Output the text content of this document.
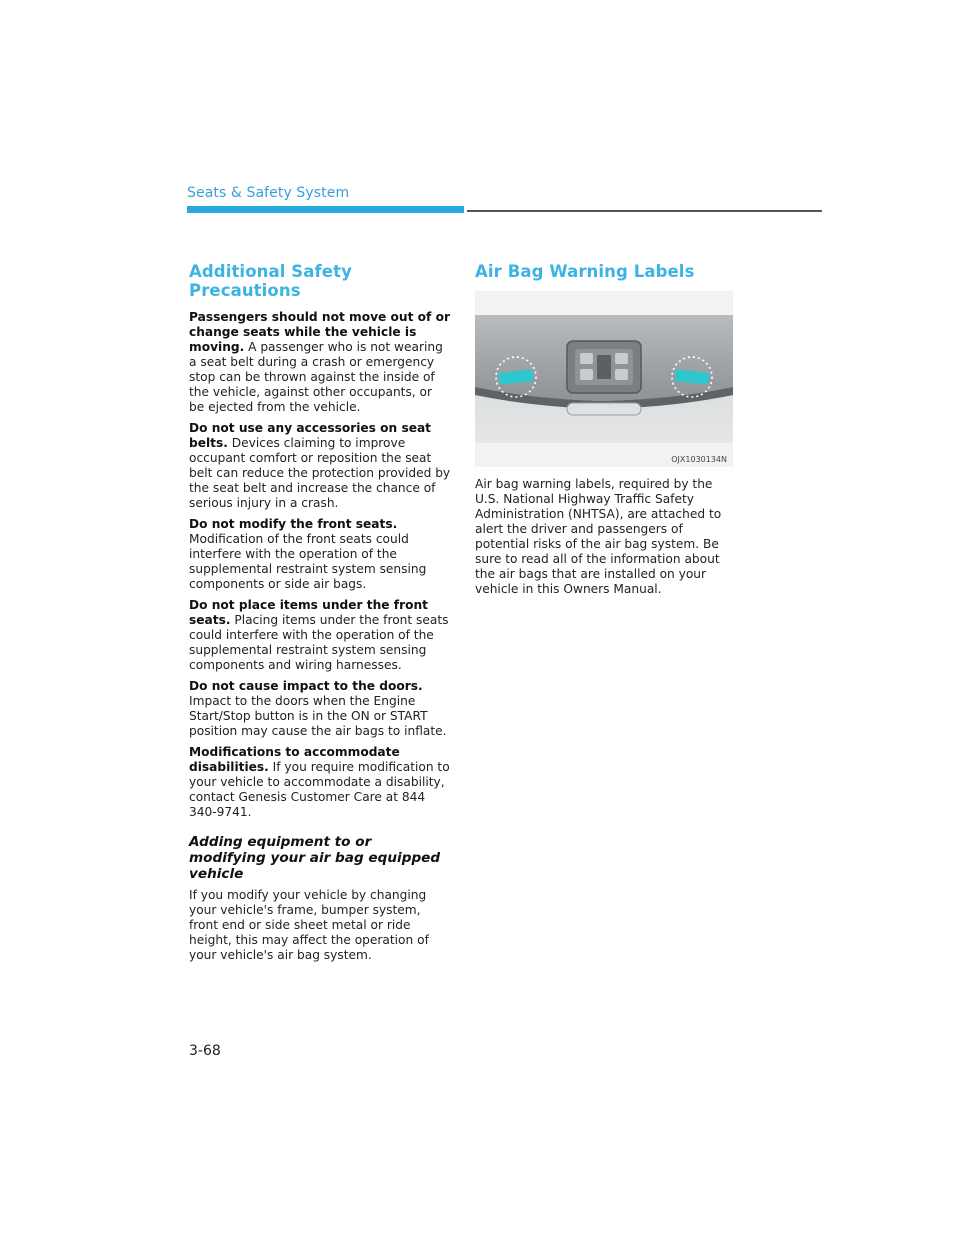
Seats & Safety System
Additional Safety Precautions

Passengers should not move out of or change seats while the vehicle is moving. A passenger who is not wearing a seat belt during a crash or emergency stop can be thrown against the inside of the vehicle, against other occupants, or be ejected from the vehicle.

Do not use any accessories on seat belts. Devices claiming to improve occupant comfort or reposition the seat belt can reduce the protection provided by the seat belt and increase the chance of serious injury in a crash.

Do not modify the front seats. Modification of the front seats could interfere with the operation of the supplemental restraint system sensing components or side air bags.

Do not place items under the front seats. Placing items under the front seats could interfere with the operation of the supplemental restraint system sensing components and wiring harnesses.

Do not cause impact to the doors. Impact to the doors when the Engine Start/Stop button is in the ON or START position may cause the air bags to inflate.

Modifications to accommodate disabilities. If you require modification to your vehicle to accommodate a disability, contact Genesis Customer Care at 844 340-9741.

Adding equipment to or modifying your air bag equipped vehicle

If you modify your vehicle by changing your vehicle's frame, bumper system, front end or side sheet metal or ride height, this may affect the operation of your vehicle's air bag system.

Air Bag Warning Labels
OJX1030134N

Air bag warning labels, required by the U.S. National Highway Traffic Safety Administration (NHTSA), are attached to alert the driver and passengers of potential risks of the air bag system. Be sure to read all of the information about the air bags that are installed on your vehicle in this Owners Manual.

3-68
